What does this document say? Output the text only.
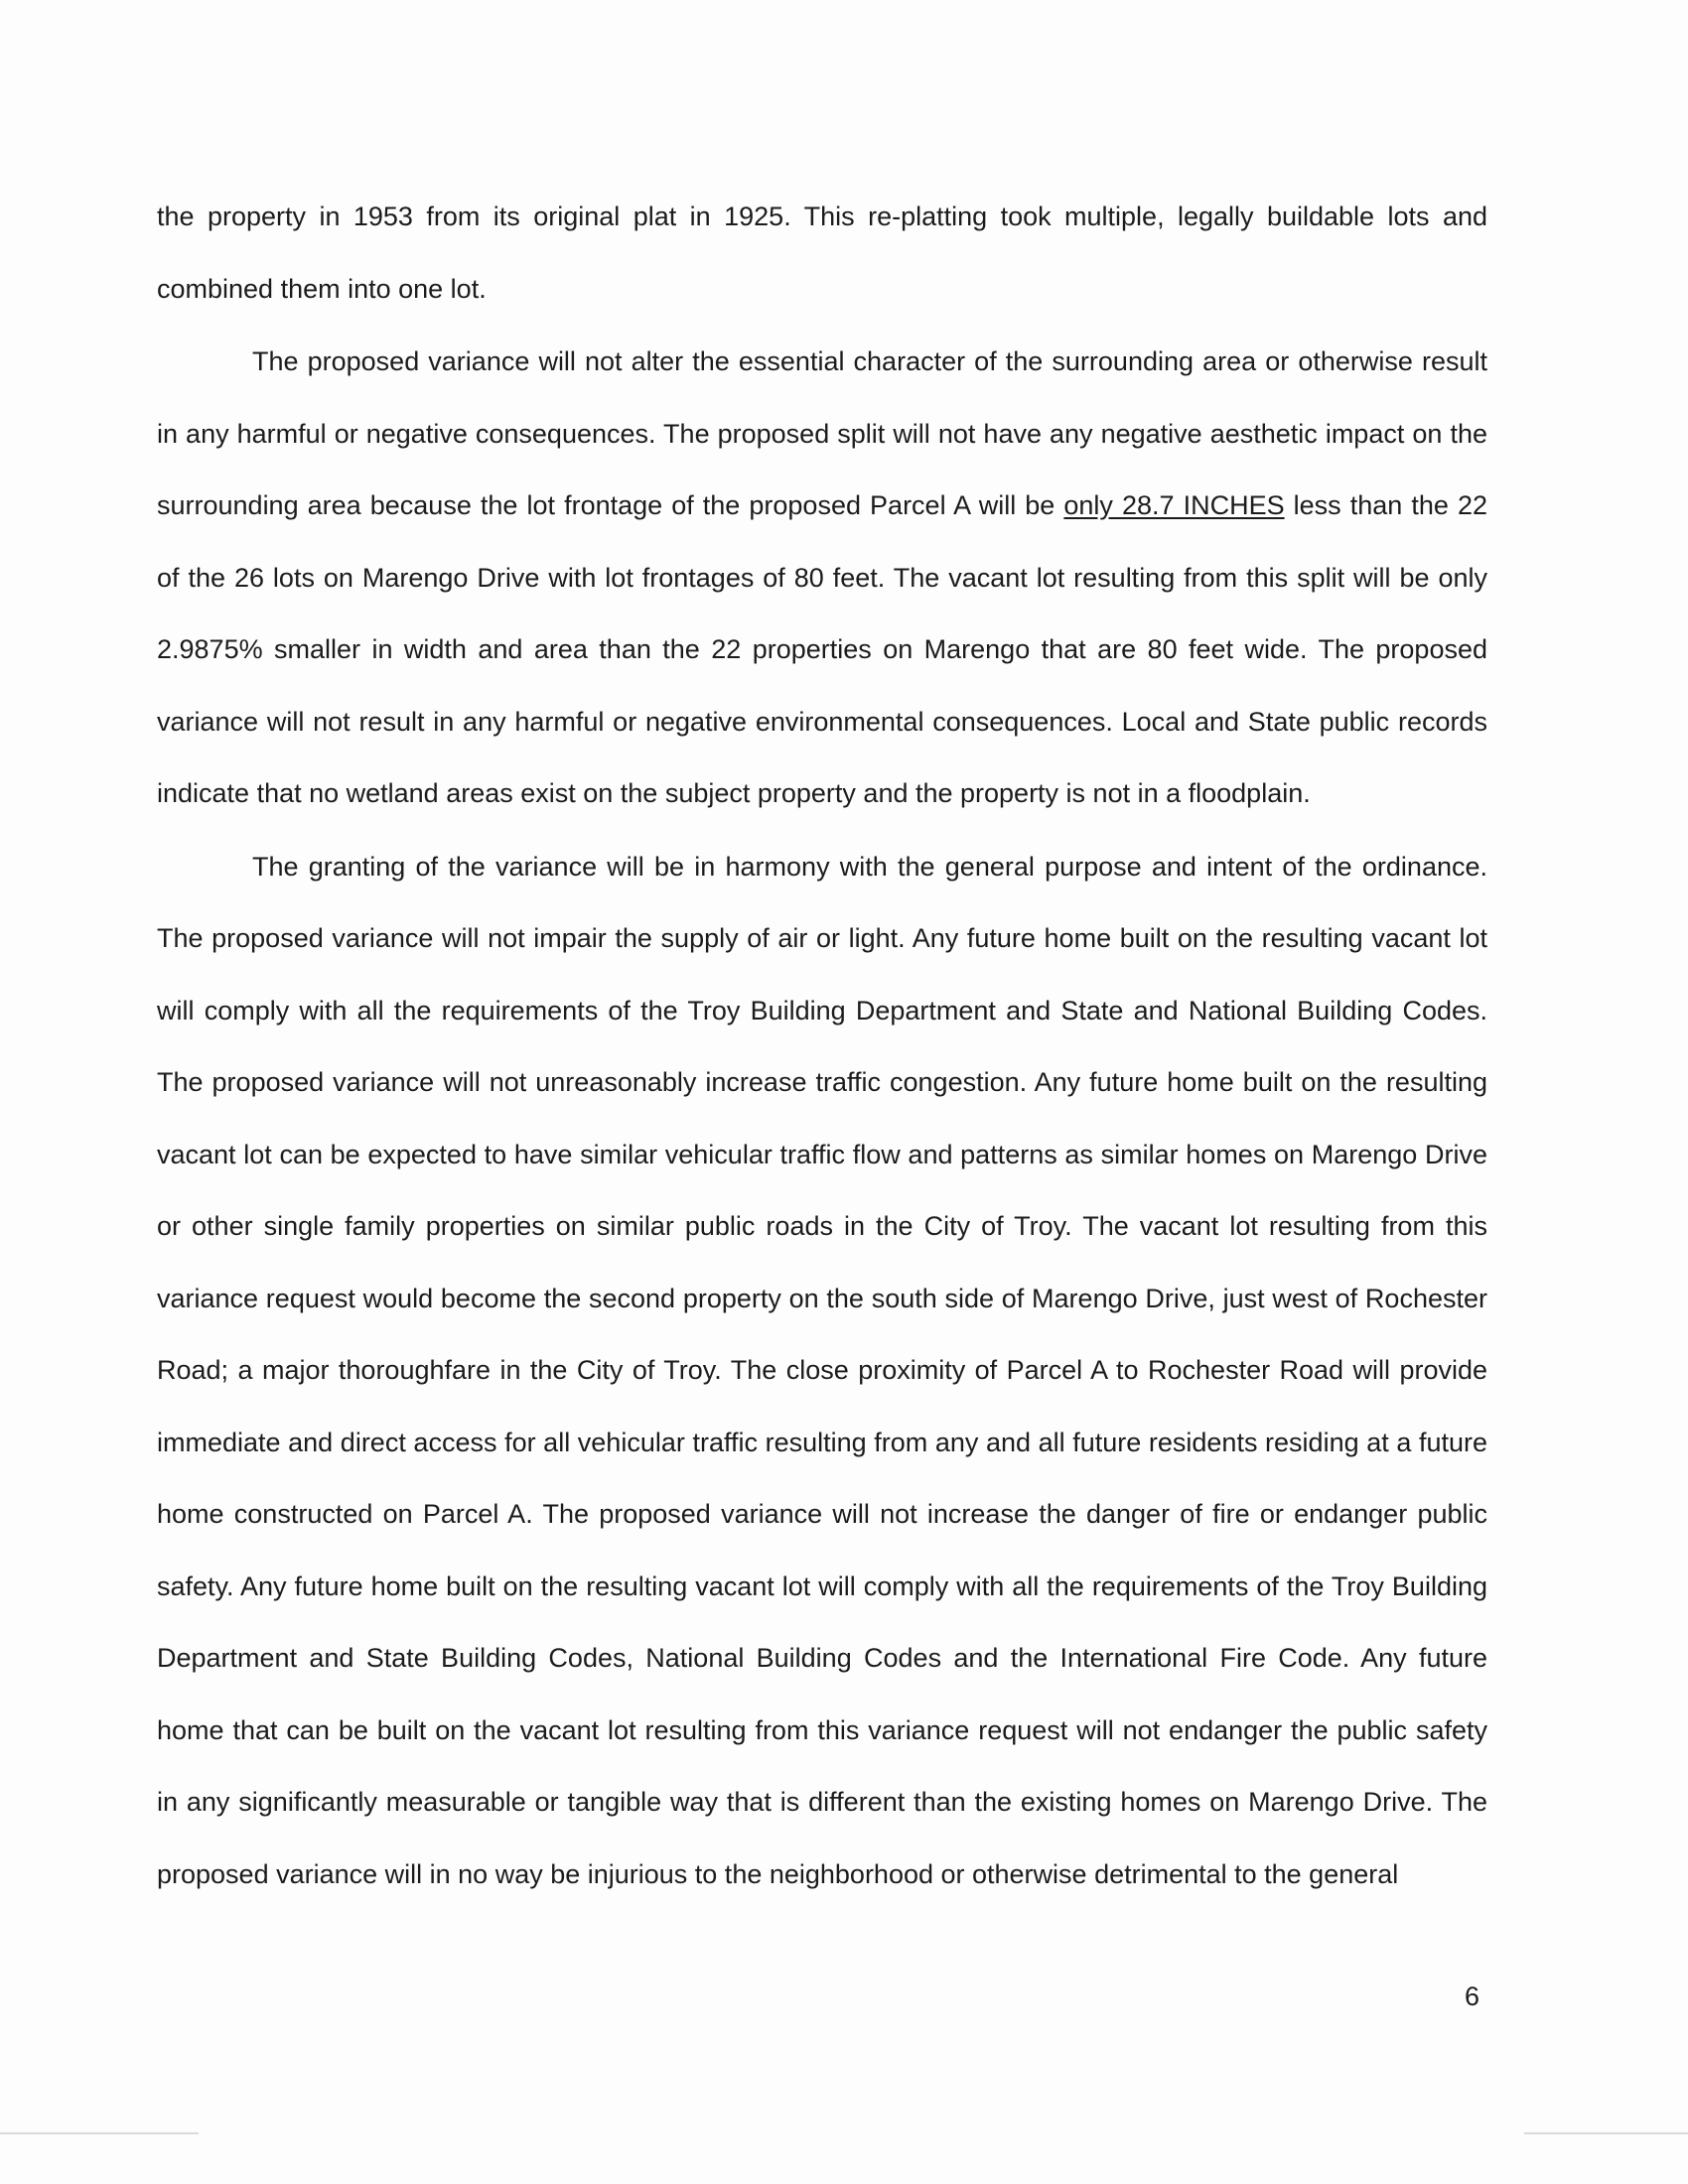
the property in 1953 from its original plat in 1925. This re-platting took multiple, legally buildable lots and combined them into one lot.

The proposed variance will not alter the essential character of the surrounding area or otherwise result in any harmful or negative consequences. The proposed split will not have any negative aesthetic impact on the surrounding area because the lot frontage of the proposed Parcel A will be only 28.7 INCHES less than the 22 of the 26 lots on Marengo Drive with lot frontages of 80 feet. The vacant lot resulting from this split will be only 2.9875% smaller in width and area than the 22 properties on Marengo that are 80 feet wide. The proposed variance will not result in any harmful or negative environmental consequences. Local and State public records indicate that no wetland areas exist on the subject property and the property is not in a floodplain.

The granting of the variance will be in harmony with the general purpose and intent of the ordinance. The proposed variance will not impair the supply of air or light. Any future home built on the resulting vacant lot will comply with all the requirements of the Troy Building Department and State and National Building Codes. The proposed variance will not unreasonably increase traffic congestion. Any future home built on the resulting vacant lot can be expected to have similar vehicular traffic flow and patterns as similar homes on Marengo Drive or other single family properties on similar public roads in the City of Troy. The vacant lot resulting from this variance request would become the second property on the south side of Marengo Drive, just west of Rochester Road; a major thoroughfare in the City of Troy. The close proximity of Parcel A to Rochester Road will provide immediate and direct access for all vehicular traffic resulting from any and all future residents residing at a future home constructed on Parcel A. The proposed variance will not increase the danger of fire or endanger public safety. Any future home built on the resulting vacant lot will comply with all the requirements of the Troy Building Department and State Building Codes, National Building Codes and the International Fire Code. Any future home that can be built on the vacant lot resulting from this variance request will not endanger the public safety in any significantly measurable or tangible way that is different than the existing homes on Marengo Drive. The proposed variance will in no way be injurious to the neighborhood or otherwise detrimental to the general

6
